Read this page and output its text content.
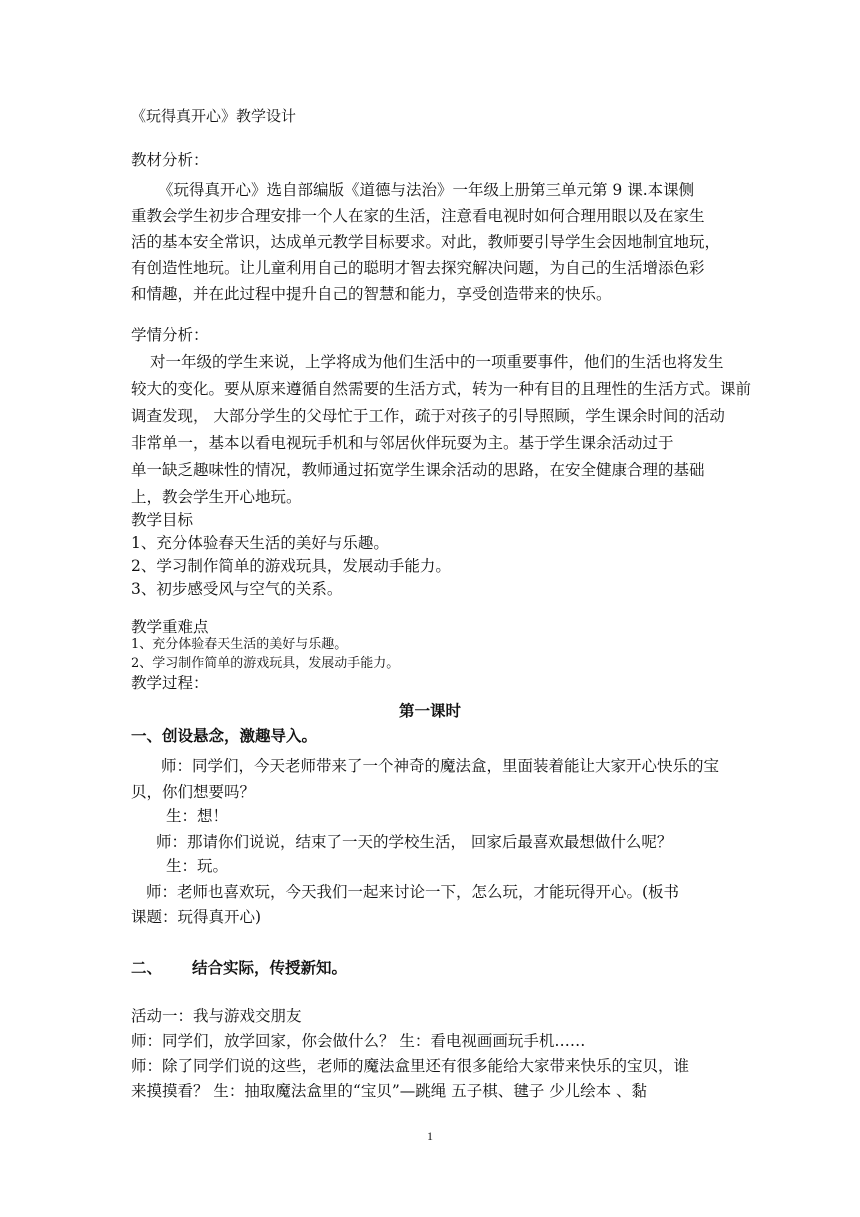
《玩得真开心》教学设计
教材分析：
《玩得真开心》选自部编版《道德与法治》一年级上册第三单元第 9 课.本课侧
重教会学生初步合理安排一个人在家的生活，注意看电视时如何合理用眼以及在家生
活的基本安全常识，达成单元教学目标要求。对此，教师要引导学生会因地制宜地玩，
有创造性地玩。让儿童利用自己的聪明才智去探究解决问题，为自己的生活增添色彩
和情趣，并在此过程中提升自己的智慧和能力，享受创造带来的快乐。
学情分析：
对一年级的学生来说，上学将成为他们生活中的一项重要事件，他们的生活也将发生
较大的变化。要从原来遵循自然需要的生活方式，转为一种有目的且理性的生活方式。课前
调查发现， 大部分学生的父母忙于工作，疏于对孩子的引导照顾，学生课余时间的活动
非常单一，基本以看电视玩手机和与邻居伙伴玩耍为主。基于学生课余活动过于
单一缺乏趣味性的情况，教师通过拓宽学生课余活动的思路，在安全健康合理的基础
上，教会学生开心地玩。
教学目标
1、充分体验春天生活的美好与乐趣。
2、学习制作简单的游戏玩具，发展动手能力。
3、初步感受风与空气的关系。
教学重难点
1、充分体验春天生活的美好与乐趣。
2、学习制作简单的游戏玩具，发展动手能力。
教学过程：
第一课时
一、创设悬念，激趣导入。
师：同学们，今天老师带来了一个神奇的魔法盒，里面装着能让大家开心快乐的宝
贝，你们想要吗？
生：想！
师：那请你们说说，结束了一天的学校生活， 回家后最喜欢最想做什么呢？
生：玩。
师：老师也喜欢玩，今天我们一起来讨论一下，怎么玩，才能玩得开心。(板书
课题：玩得真开心)
二、 结合实际，传授新知。
活动一：我与游戏交朋友
师：同学们，放学回家，你会做什么？ 生：看电视画画玩手机……
师：除了同学们说的这些，老师的魔法盒里还有很多能给大家带来快乐的宝贝，谁
来摸摸看？ 生：抽取魔法盒里的“宝贝”—跳绳 五子棋、毽子 少儿绘本 、黏
1
